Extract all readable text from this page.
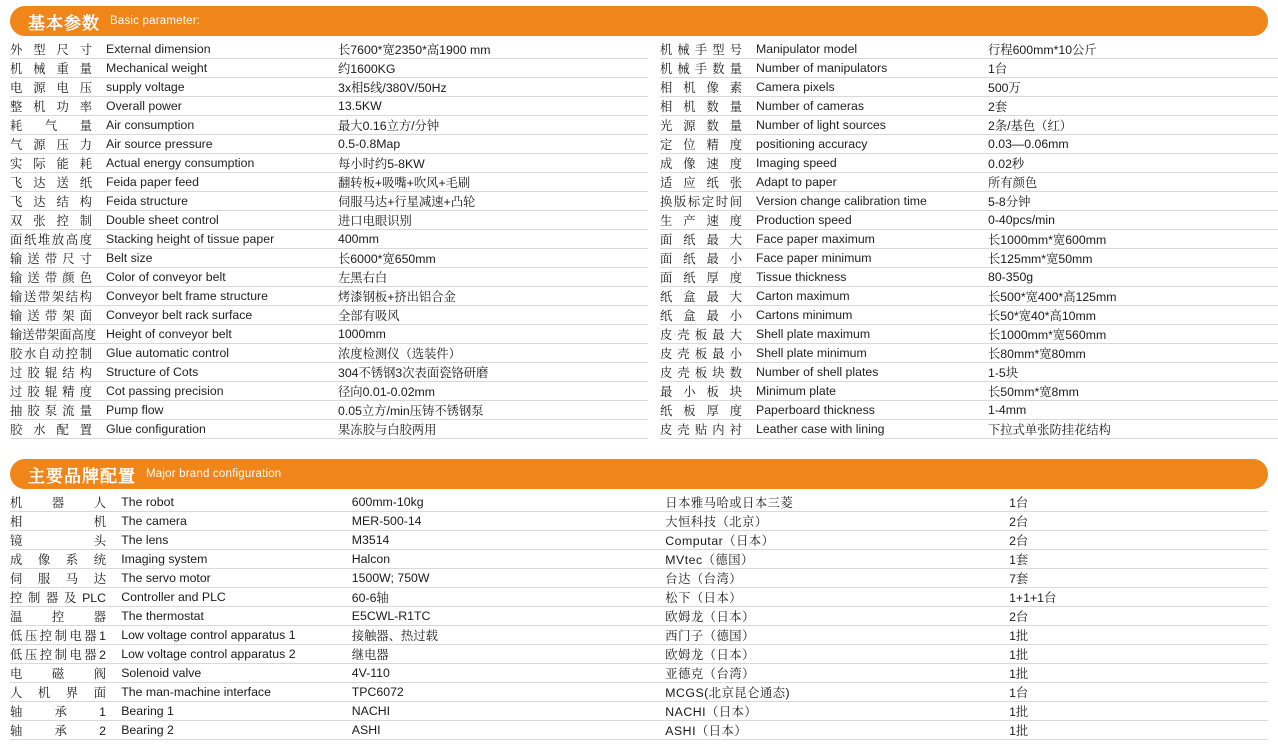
基本参数 Basic parameter:
外型尺寸	External dimension	长7600*宽2350*高1900 mm		机械手型号	Manipulator model	行程600mm*10公斤
机械重量	Mechanical weight	约1600KG		机械手数量	Number of manipulators	1台
电源电压	supply voltage	3x相5线/380V/50Hz		相机像素	Camera pixels	500万
整机功率	Overall power	13.5KW		相机数量	Number of cameras	2套
耗气量	Air consumption	最大0.16立方/分钟		光源数量	Number of light sources	2条/基色（红）
气源压力	Air source pressure	0.5-0.8Map		定位精度	positioning accuracy	0.03—0.06mm
实际能耗	Actual energy consumption	每小时约5-8KW		成像速度	Imaging speed	0.02秒
飞达送纸	Feida paper feed	翻转板+吸嘴+吹风+毛刷		适应纸张	Adapt to paper	所有颜色
飞达结构	Feida structure	伺服马达+行星减速+凸轮		换版标定时间	Version change calibration time	5-8分钟
双张控制	Double sheet control	进口电眼识别		生产速度	Production speed	0-40pcs/min
面纸堆放高度	Stacking height of tissue paper	400mm		面纸最大	Face paper maximum	长1000mm*宽600mm
输送带尺寸	Belt size	长6000*宽650mm		面纸最小	Face paper minimum	长125mm*宽50mm
输送带颜色	Color of conveyor belt	左黑右白		面纸厚度	Tissue thickness	80-350g
输送带架结构	Conveyor belt frame structure	烤漆钢板+挤出铝合金		纸盒最大	Carton maximum	长500*宽400*高125mm
输送带架面	Conveyor belt rack surface	全部有吸风		纸盒最小	Cartons minimum	长50*宽40*高10mm
输送带架面高度	Height of conveyor belt	1000mm		皮壳板最大	Shell plate maximum	长1000mm*宽560mm
胶水自动控制	Glue automatic control	浓度检测仪（选装件）		皮壳板最小	Shell plate minimum	长80mm*宽80mm
过胶辊结构	Structure of Cots	304不锈钢3次表面瓷铬研磨		皮壳板块数	Number of shell plates	1-5块
过胶辊精度	Cot passing precision	径向0.01-0.02mm		最小板块	Minimum plate	长50mm*宽8mm
抽胶泵流量	Pump flow	0.05立方/min压铸不锈钢泵		纸板厚度	Paperboard thickness	1-4mm
胶水配置	Glue configuration	果冻胶与白胶两用		皮壳贴内衬	Leather case with lining	下拉式单张防挂花结构
主要品牌配置 Major brand configuration
机器人	The robot	600mm-10kg	日本雅马哈或日本三菱	1台
相机	The camera	MER-500-14	大恒科技（北京）	2台
镜头	The lens	M3514	Computar（日本）	2台
成像系统	Imaging system	Halcon	MVtec（德国）	1套
伺服马达	The servo motor	1500W; 750W	台达（台湾）	7套
控制器及PLC	Controller and PLC	60-6轴	松下（日本）	1+1+1台
温控器	The thermostat	E5CWL-R1TC	欧姆龙（日本）	2台
低压控制电器1	Low voltage control apparatus 1	接触器、热过载	西门子（德国）	1批
低压控制电器2	Low voltage control apparatus 2	继电器	欧姆龙（日本）	1批
电磁阀	Solenoid valve	4V-110	亚德克（台湾）	1批
人机界面	The man-machine interface	TPC6072	MCGS(北京昆仑通态)	1台
轴承1	Bearing 1	NACHI	NACHI（日本）	1批
轴承2	Bearing 2	ASHI	ASHI（日本）	1批
